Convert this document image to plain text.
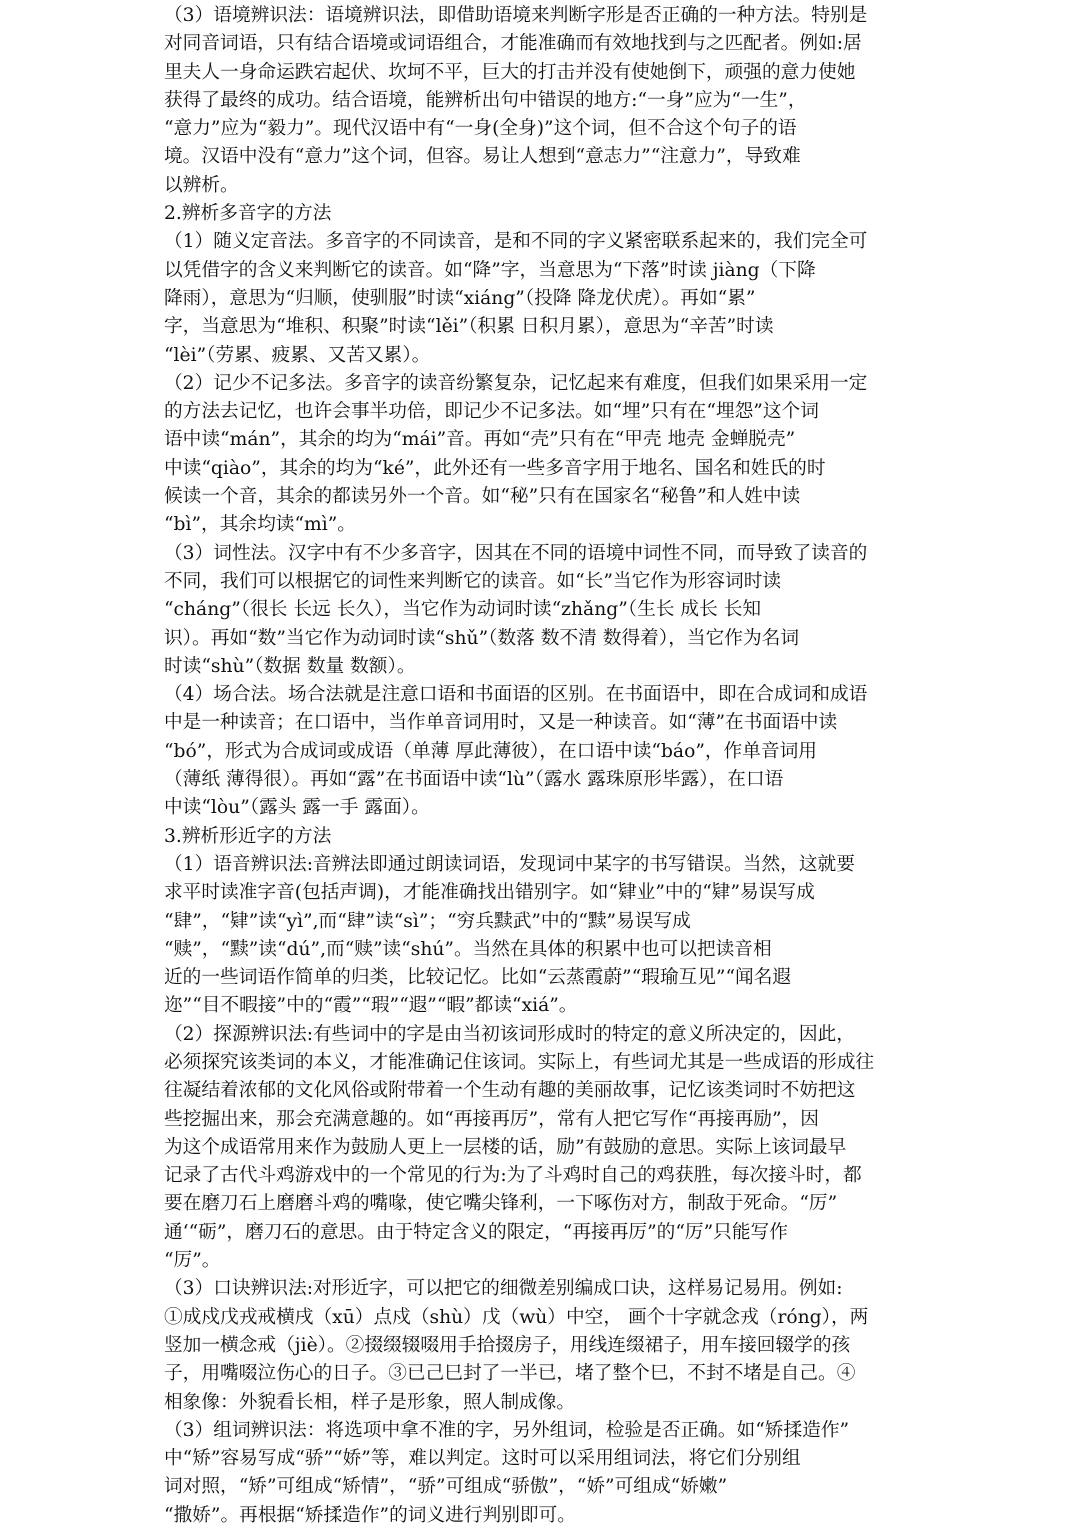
（3）语境辨识法：语境辨识法，即借助语境来判断字形是否正确的一种方法。特别是
对同音词语，只有结合语境或词语组合，才能准确而有效地找到与之匹配者。例如:居
里夫人一身命运跌宕起伏、坎坷不平，巨大的打击并没有使她倒下，顽强的意力使她
获得了最终的成功。结合语境，能辨析出句中错误的地方:“一身”应为“一生”，
“意力”应为“毅力”。现代汉语中有“一身(全身)”这个词，但不合这个句子的语
境。汉语中没有“意力”这个词，但容。易让人想到“意志力”“注意力”，导致难
以辨析。
2.辨析多音字的方法
（1）随义定音法。多音字的不同读音，是和不同的字义紧密联系起来的，我们完全可
以凭借字的含义来判断它的读音。如“降”字，当意思为“下落”时读 jiàng（下降
降雨），意思为“归顺，使驯服”时读“xiáng”（投降 降龙伏虎）。再如“累”
字，当意思为“堆积、积聚”时读“lěi”（积累 日积月累），意思为“辛苦”时读
“lèi”（劳累、疲累、又苦又累）。
（2）记少不记多法。多音字的读音纷繁复杂，记忆起来有难度，但我们如果采用一定
的方法去记忆，也许会事半功倍，即记少不记多法。如“埋”只有在“埋怨”这个词
语中读“mán”，其余的均为“mái”音。再如“壳”只有在“甲壳 地壳 金蝉脱壳”
中读“qiào”，其余的均为“ké”，此外还有一些多音字用于地名、国名和姓氏的时
候读一个音，其余的都读另外一个音。如“秘”只有在国家名“秘鲁”和人姓中读
“bì”，其余均读“mì”。
（3）词性法。汉字中有不少多音字，因其在不同的语境中词性不同，而导致了读音的
不同，我们可以根据它的词性来判断它的读音。如“长”当它作为形容词时读
“cháng”（很长 长远 长久），当它作为动词时读“zhǎng”（生长 成长 长知
识）。再如“数”当它作为动词时读“shǔ”（数落 数不清 数得着），当它作为名词
时读“shù”（数据 数量 数额）。
（4）场合法。场合法就是注意口语和书面语的区别。在书面语中，即在合成词和成语
中是一种读音；在口语中，当作单音词用时，又是一种读音。如“薄”在书面语中读
“bó”，形式为合成词或成语（单薄 厚此薄彼），在口语中读“báo”，作单音词用
（薄纸 薄得很）。再如“露”在书面语中读“lù”（露水 露珠原形毕露），在口语
中读“lòu”（露头 露一手 露面）。
3.辨析形近字的方法
（1）语音辨识法:音辨法即通过朗读词语，发现词中某字的书写错误。当然，这就要
求平时读准字音(包括声调)，才能准确找出错别字。如“肄业”中的“肄”易误写成
“肆”，“肄”读“yì”,而“肆”读“sì”；“穷兵黩武”中的“黩”易误写成
“赎”，“黩”读“dú”,而“赎”读“shú”。当然在具体的积累中也可以把读音相
近的一些词语作简单的归类，比较记忆。比如“云蒸霞蔚”“瑕瑜互见”“闻名遐
迩”“目不暇接”中的“霞”“瑕”“遐”“暇”都读“xiá”。
（2）探源辨识法:有些词中的字是由当初该词形成时的特定的意义所决定的，因此，
必须探究该类词的本义，才能准确记住该词。实际上，有些词尤其是一些成语的形成往
往凝结着浓郁的文化风俗或附带着一个生动有趣的美丽故事，记忆该类词时不妨把这
些挖掘出来，那会充满意趣的。如“再接再厉”，常有人把它写作“再接再励”，因
为这个成语常用来作为鼓励人更上一层楼的话，励”有鼓励的意思。实际上该词最早
记录了古代斗鸡游戏中的一个常见的行为:为了斗鸡时自己的鸡获胜，每次接斗时，都
要在磨刀石上磨磨斗鸡的嘴喙，使它嘴尖锋利，一下啄伤对方，制敌于死命。“厉”
通‘“砺”，磨刀石的意思。由于特定含义的限定，“再接再厉”的“厉”只能写作
“厉”。
（3）口诀辨识法:对形近字，可以把它的细微差别编成口诀，这样易记易用。例如:
①成戍戊戎戒横戌（xū）点戍（shù）戊（wù）中空， 画个十字就念戎（róng），两
竖加一横念戒（jiè）。②掇缀辍啜用手拾掇房子，用线连缀裙子，用车接回辍学的孩
子，用嘴啜泣伤心的日子。③已己巳封了一半已，堵了整个巳，不封不堵是自己。④
相象像：外貌看长相，样子是形象，照人制成像。
（3）组词辨识法：将选项中拿不准的字，另外组词，检验是否正确。如“矫揉造作”
中“矫”容易写成“骄”“娇”等，难以判定。这时可以采用组词法，将它们分别组
词对照，“矫”可组成“矫情”，“骄”可组成“骄傲”，“娇”可组成“娇嫩”
“撒娇”。再根据“矫揉造作”的词义进行判别即可。
